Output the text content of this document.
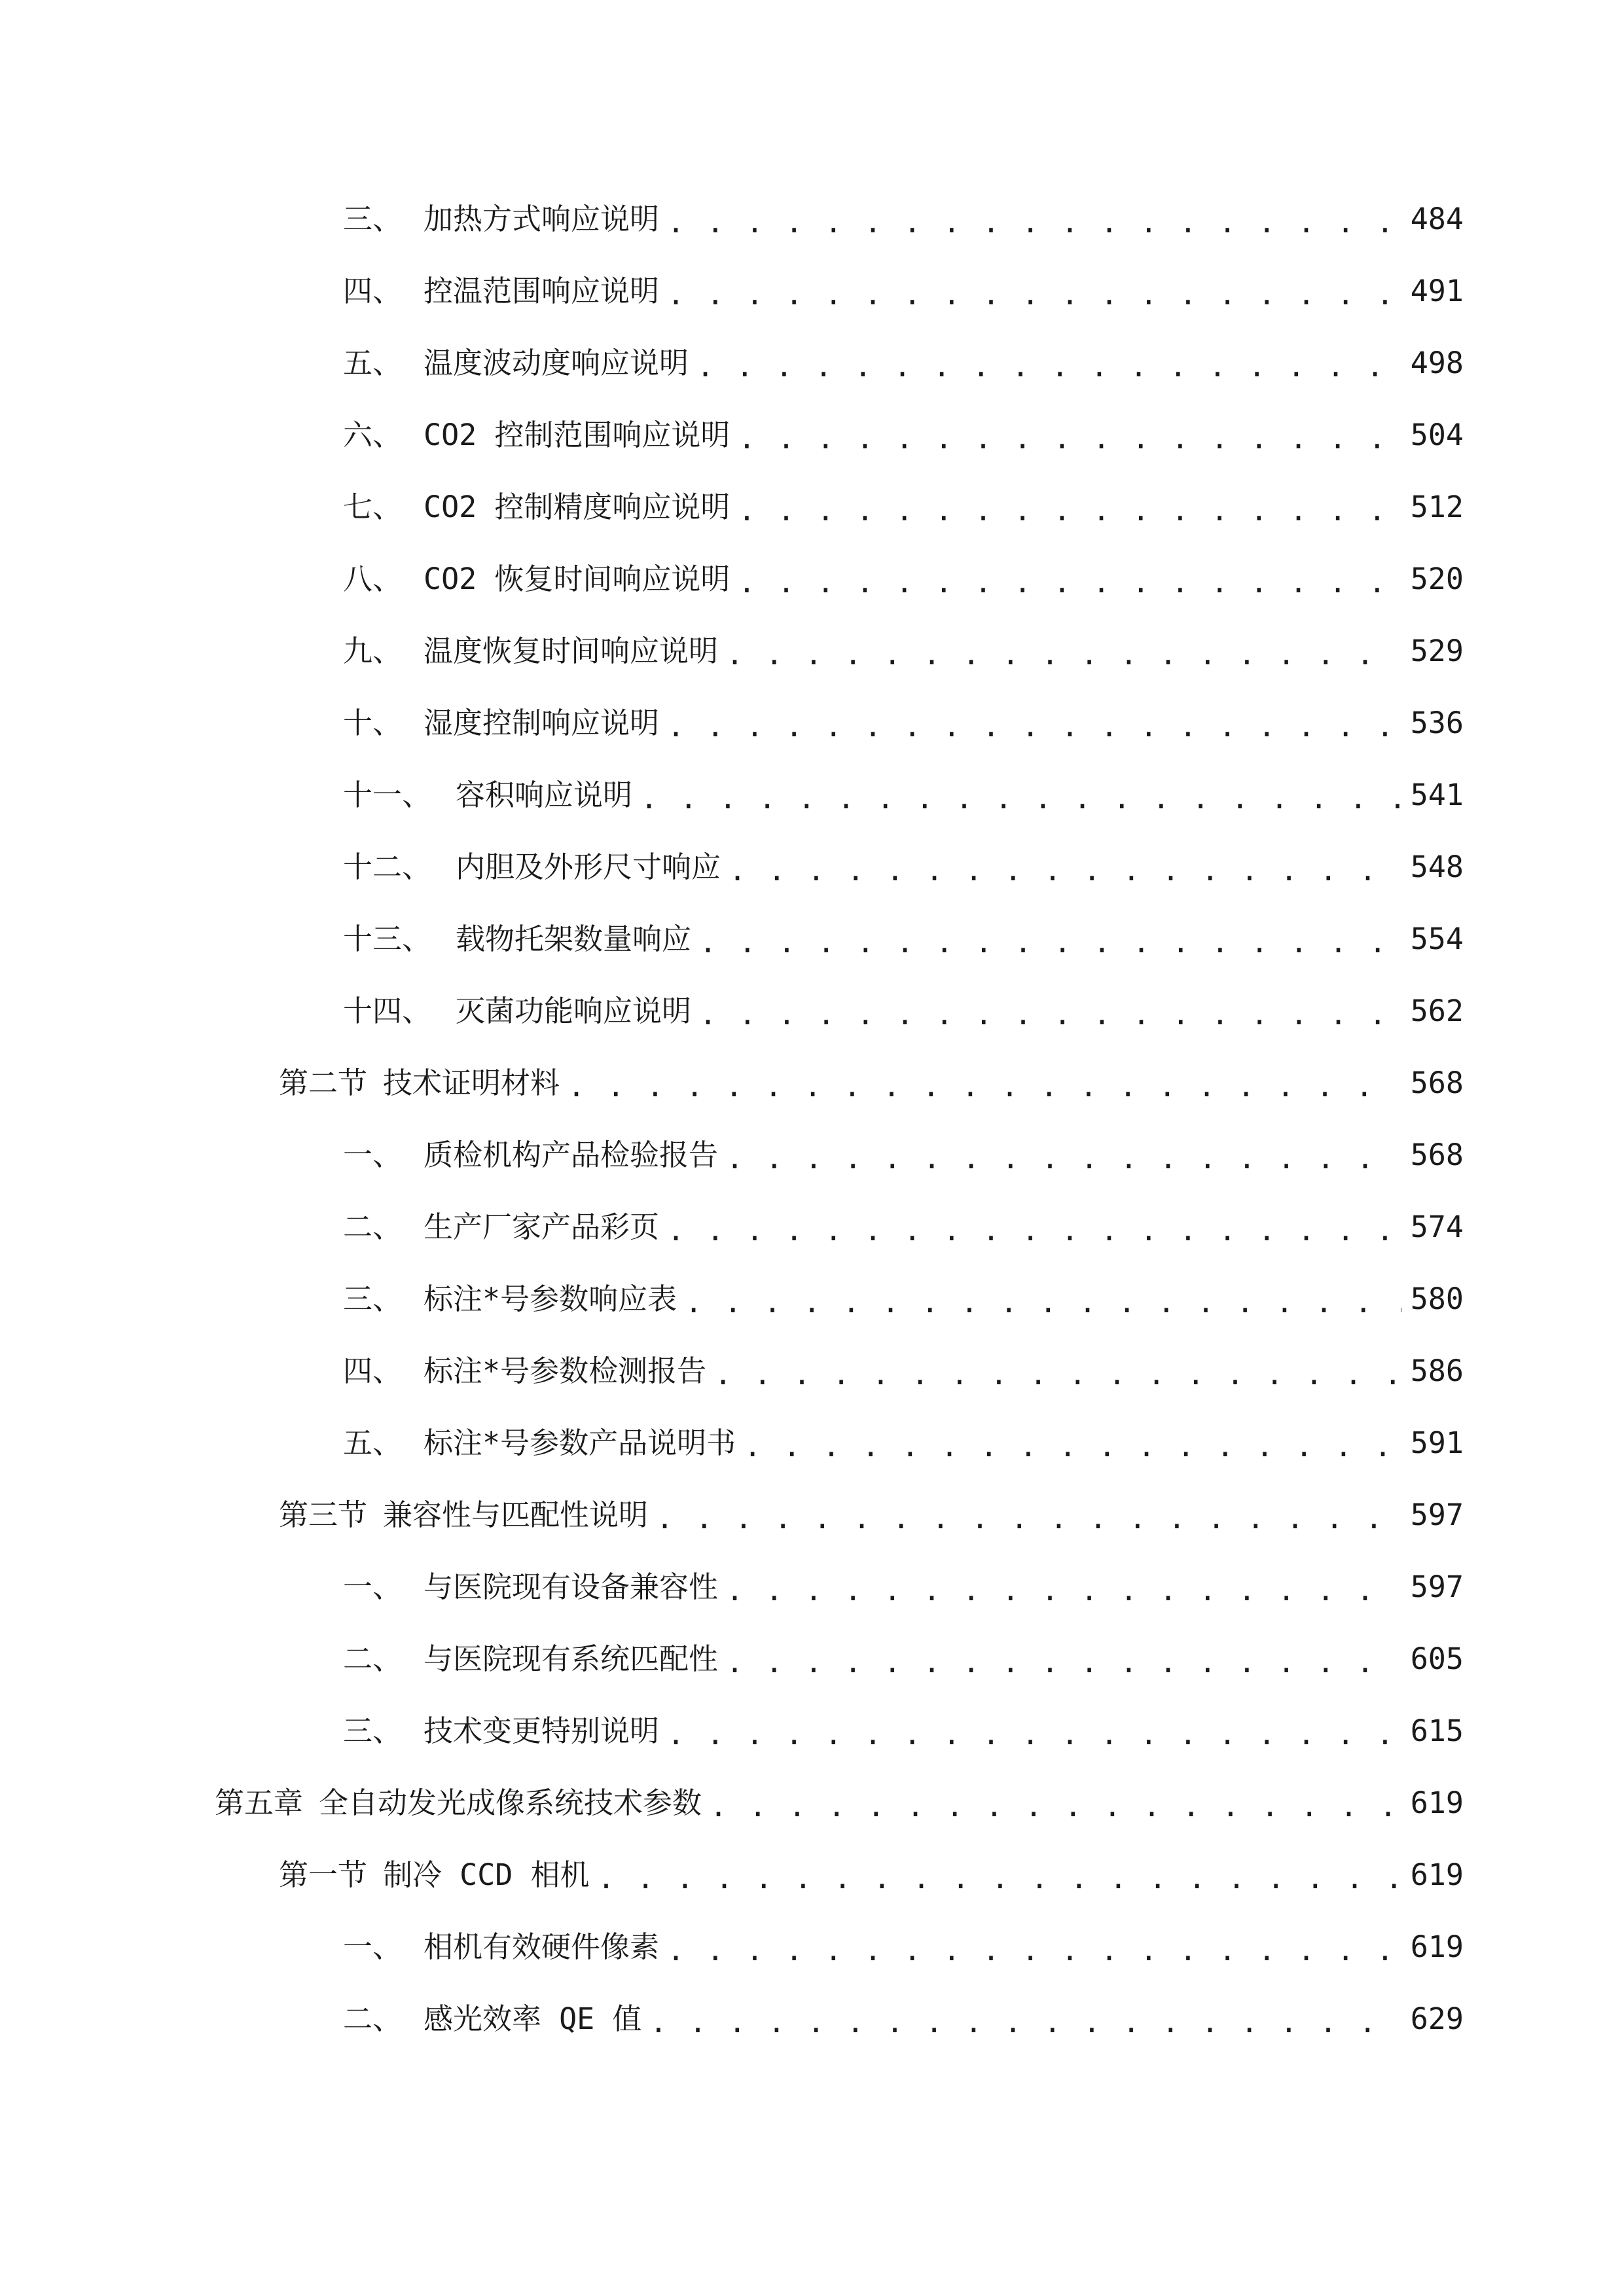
三、 加热方式响应说明 . . .	484
四、 控温范围响应说明 . . .	491
五、 温度波动度响应说明 . . .	498
六、 CO2 控制范围响应说明 . . .	504
七、 CO2 控制精度响应说明 . . .	512
八、 CO2 恢复时间响应说明 . . .	520
九、 温度恢复时间响应说明 . . .	529
十、 湿度控制响应说明 . . .	536
十一、 容积响应说明 . . .	541
十二、 内胆及外形尺寸响应 . . .	548
十三、 载物托架数量响应 . . .	554
十四、 灭菌功能响应说明 . . .	562
第二节 技术证明材料 . . .	568
一、 质检机构产品检验报告 . . .	568
二、 生产厂家产品彩页 . . .	574
三、 标注*号参数响应表 . . .	580
四、 标注*号参数检测报告 . . .	586
五、 标注*号参数产品说明书 . . .	591
第三节 兼容性与匹配性说明 . . .	597
一、 与医院现有设备兼容性 . . .	597
二、 与医院现有系统匹配性 . . .	605
三、 技术变更特别说明 . . .	615
第五章 全自动发光成像系统技术参数 . . .	619
第一节 制冷 CCD 相机 . . .	619
一、 相机有效硬件像素 . . .	619
二、 感光效率 QE 值 . . .	629
